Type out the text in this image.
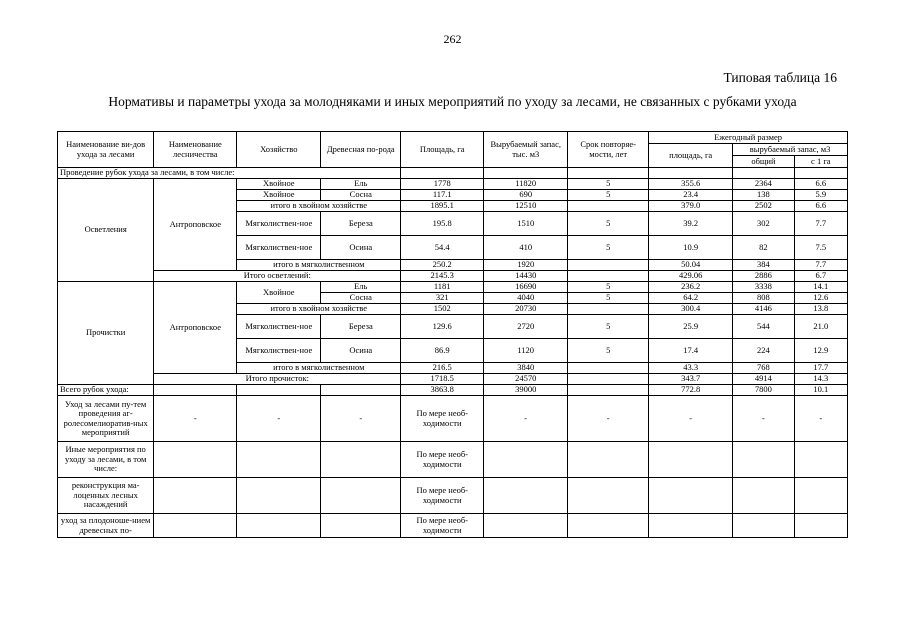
262
Типовая таблица 16
Нормативы и параметры ухода за молодняками и иных мероприятий по уходу за лесами, не связанных с рубками ухода
Наименование ви-дов ухода за лесами	Наименование лесничества	Хозяйство	Древесная по-рода	Площадь, га	Вырубаемый запас, тыс. м3	Срок повторяе-мости, лет	Ежегодный размер		
							площадь, га	вырубаемый запас, м3	
								общий	с 1 га
Проведение рубок ухода за лесами, в том числе:									
Осветления	Антроповское	Хвойное	Ель	1778	11820	5	355.6	2364	6.6
		Хвойное	Сосна	117.1	690	5	23.4	138	5.9
		итого в хвойном хозяйстве		1895.1	12510		379.0	2502	6.6
		Мягколиствен-ное	Береза	195.8	1510	5	39.2	302	7.7
		Мягколиствен-ное	Осина	54.4	410	5	10.9	82	7.5
		итого в мягколиственном		250.2	1920		50.04	384	7.7
	Итого осветлений:			2145.3	14430		429.06	2886	6.7
Прочистки	Антроповское	Хвойное	Ель	1181	16690	5	236.2	3338	14.1
			Сосна	321	4040	5	64.2	808	12.6
		итого в хвойном хозяйстве		1502	20730		300.4	4146	13.8
		Мягколиствен-ное	Береза	129.6	2720	5	25.9	544	21.0
		Мягколиствен-ное	Осина	86.9	1120	5	17.4	224	12.9
		итого в мягколиственном		216.5	3840		43.3	768	17.7
	Итого прочисток:			1718.5	24570		343.7	4914	14.3
Всего рубок ухода:				3863.8	39000		772.8	7800	10.1
Уход за лесами пу-тем проведения аг-ролесомелиоратив-ных мероприятий	-	-	-	По мере необ-ходимости	-	-	-	-	-
Иные мероприятия по уходу за лесами, в том числе:				По мере необ-ходимости					
реконструкция ма-лоценных лесных насаждений				По мере необ-ходимости					
уход за плодоноше-нием древесных по-				По мере необ-ходимости					
